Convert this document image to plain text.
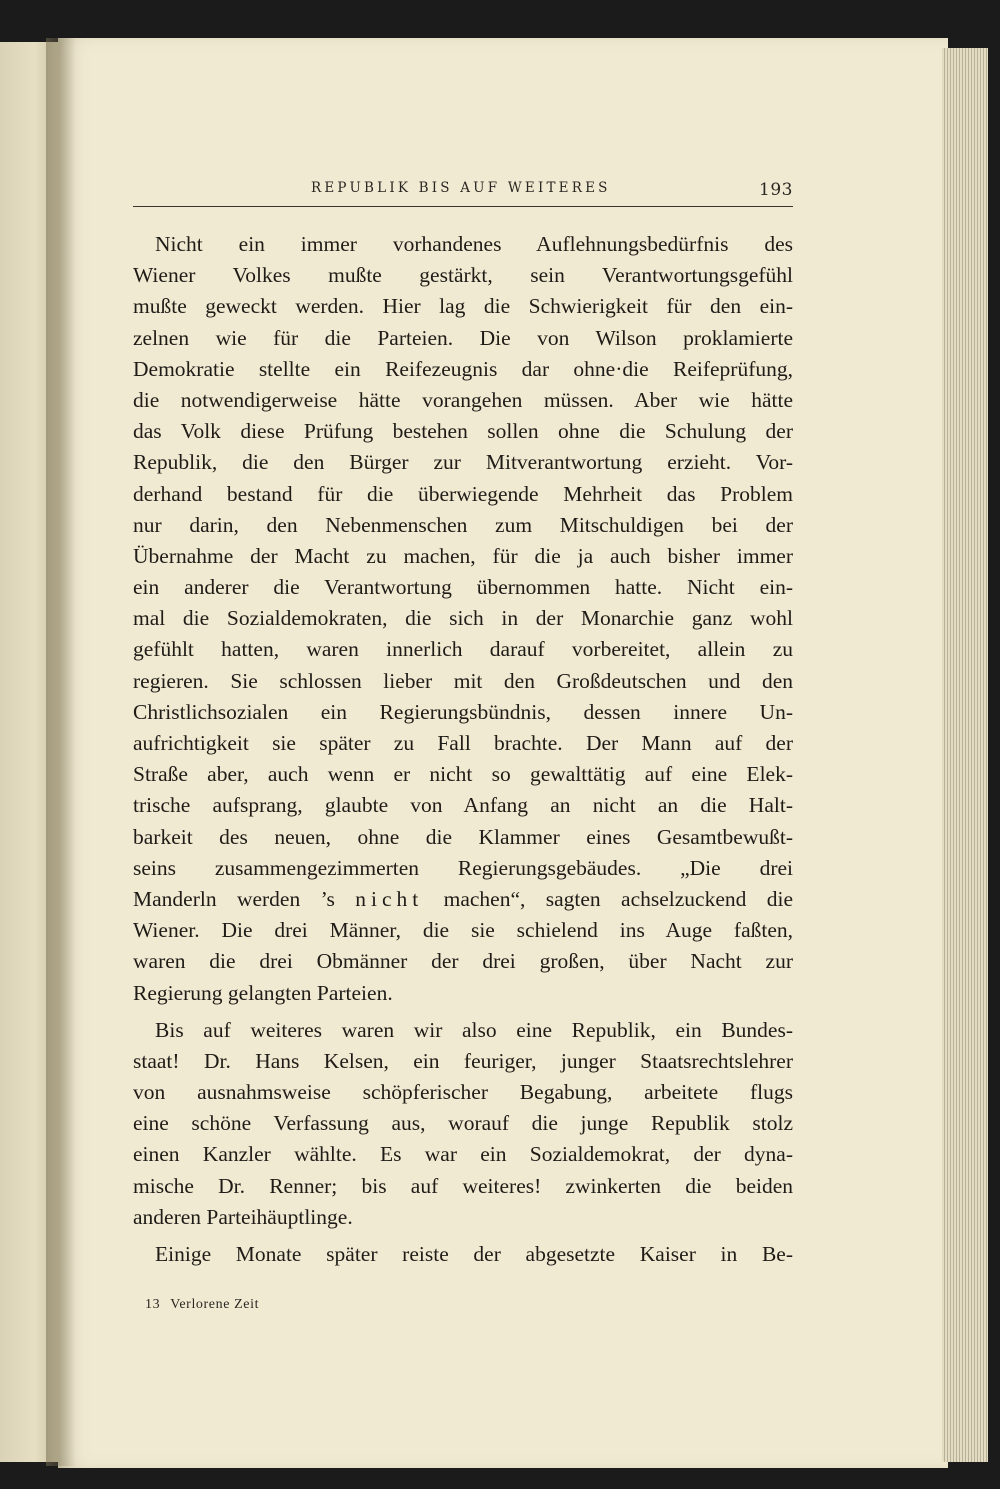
REPUBLIK BIS AUF WEITERES	193
Nicht ein immer vorhandenes Auflehnungsbedürfnis des
Wiener Volkes mußte gestärkt, sein Verantwortungsgefühl
mußte geweckt werden. Hier lag die Schwierigkeit für den ein-
zelnen wie für die Parteien. Die von Wilson proklamierte
Demokratie stellte ein Reifezeugnis dar ohne·die Reifeprüfung,
die notwendigerweise hätte vorangehen müssen. Aber wie hätte
das Volk diese Prüfung bestehen sollen ohne die Schulung der
Republik, die den Bürger zur Mitverantwortung erzieht. Vor-
derhand bestand für die überwiegende Mehrheit das Problem
nur darin, den Nebenmenschen zum Mitschuldigen bei der
Übernahme der Macht zu machen, für die ja auch bisher immer
ein anderer die Verantwortung übernommen hatte. Nicht ein-
mal die Sozialdemokraten, die sich in der Monarchie ganz wohl
gefühlt hatten, waren innerlich darauf vorbereitet, allein zu
regieren. Sie schlossen lieber mit den Großdeutschen und den
Christlichsozialen ein Regierungsbündnis, dessen innere Un-
aufrichtigkeit sie später zu Fall brachte. Der Mann auf der
Straße aber, auch wenn er nicht so gewalttätig auf eine Elek-
trische aufsprang, glaubte von Anfang an nicht an die Halt-
barkeit des neuen, ohne die Klammer eines Gesamtbewußt-
seins zusammengezimmerten Regierungsgebäudes. „Die drei
Manderln werden ’s nicht machen“, sagten achselzuckend die
Wiener. Die drei Männer, die sie schielend ins Auge faßten,
waren die drei Obmänner der drei großen, über Nacht zur
Regierung gelangten Parteien.
Bis auf weiteres waren wir also eine Republik, ein Bundes-
staat! Dr. Hans Kelsen, ein feuriger, junger Staatsrechtslehrer
von ausnahmsweise schöpferischer Begabung, arbeitete flugs
eine schöne Verfassung aus, worauf die junge Republik stolz
einen Kanzler wählte. Es war ein Sozialdemokrat, der dyna-
mische Dr. Renner; bis auf weiteres! zwinkerten die beiden
anderen Parteihäuptlinge.
Einige Monate später reiste der abgesetzte Kaiser in Be-
13 Verlorene Zeit
